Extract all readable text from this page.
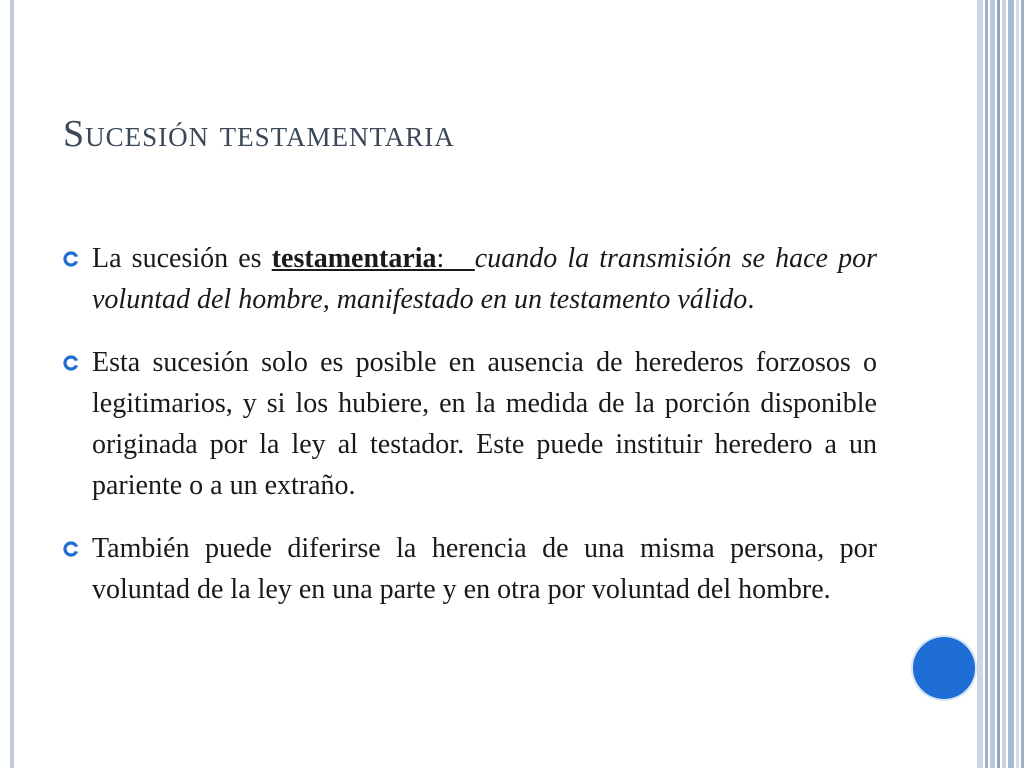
Sucesión testamentaria
La sucesión es testamentaria:   cuando la transmisión se hace por voluntad del hombre, manifestado en un testamento válido.
Esta sucesión solo es posible en ausencia de herederos forzosos o legitimarios, y si los hubiere, en la medida de la porción disponible originada por la ley al testador. Este puede instituir heredero a un pariente o a un extraño.
También puede diferirse la herencia de una misma persona, por voluntad de la ley en una parte y en otra por voluntad del hombre.
